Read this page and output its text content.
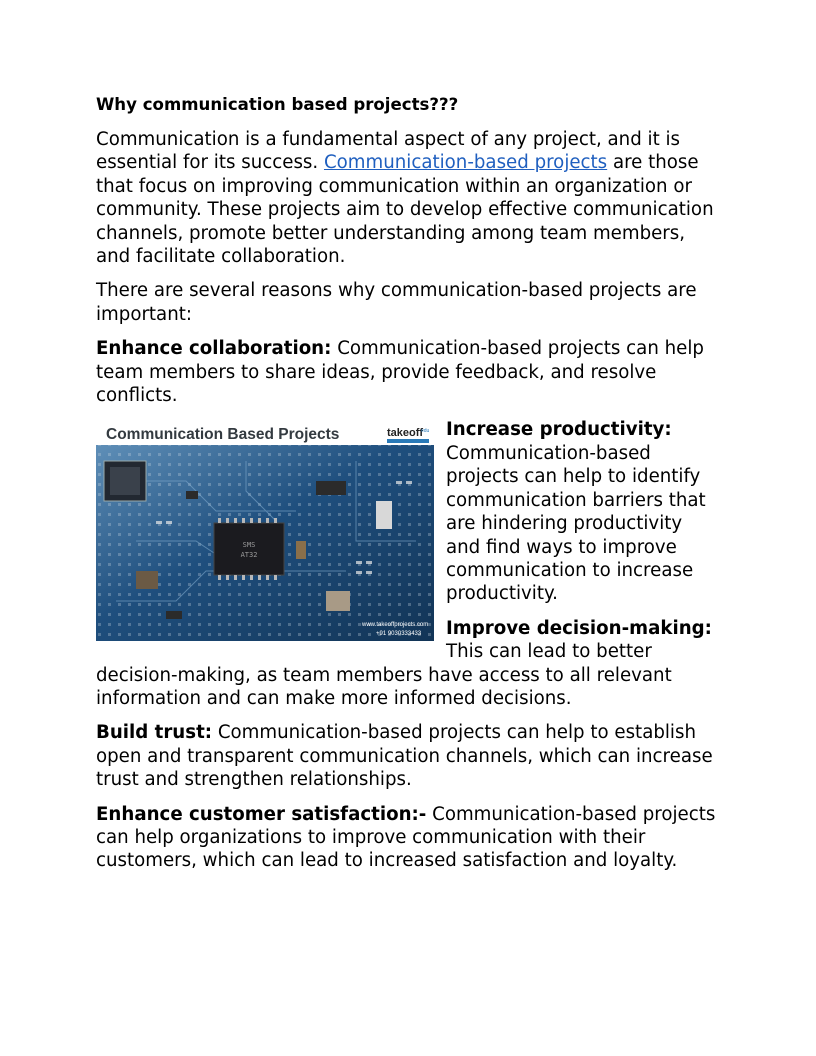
Why communication based projects???

Communication is a fundamental aspect of any project, and it is essential for its success. Communication-based projects are those that focus on improving communication within an organization or community. These projects aim to develop effective communication channels, promote better understanding among team members, and facilitate collaboration.

There are several reasons why communication-based projects are important:

Enhance collaboration: Communication-based projects can help team members to share ideas, provide feedback, and resolve conflicts.

SMS
AT32
Communication Based Projects	takeoff
edu
www.takeoffprojects.com
+91 9030333433

Increase productivity: Communication-based projects can help to identify communication barriers that are hindering productivity and find ways to improve communication to increase productivity.

Improve decision-making: This can lead to better decision-making, as team members have access to all relevant information and can make more informed decisions.

Build trust: Communication-based projects can help to establish open and transparent communication channels, which can increase trust and strengthen relationships.

Enhance customer satisfaction:- Communication-based projects can help organizations to improve communication with their customers, which can lead to increased satisfaction and loyalty.
